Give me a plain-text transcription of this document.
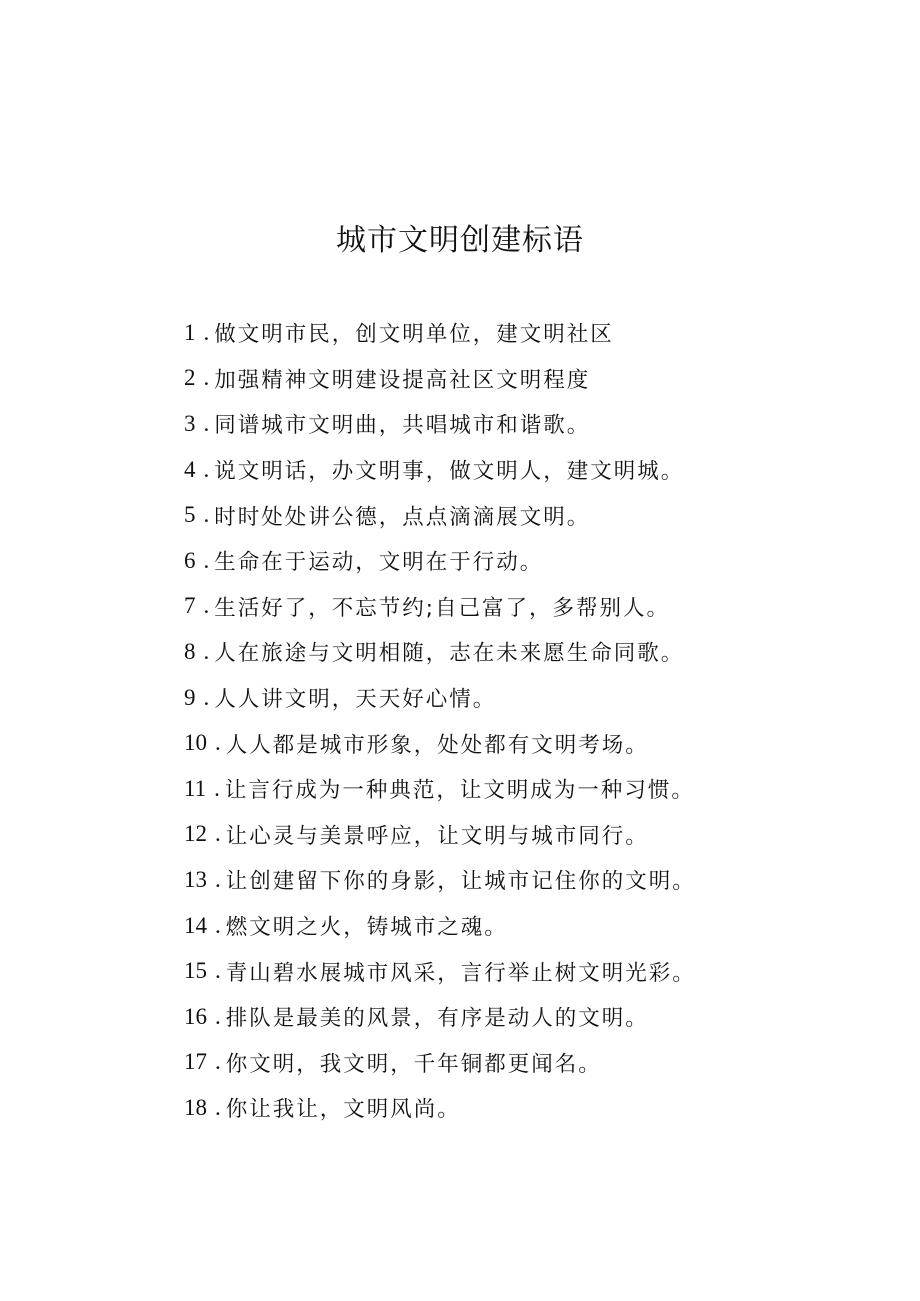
城市文明创建标语
1 . 做文明市民，创文明单位，建文明社区
2 . 加强精神文明建设提高社区文明程度
3 . 同谱城市文明曲，共唱城市和谐歌。
4 . 说文明话，办文明事，做文明人，建文明城。
5 . 时时处处讲公德，点点滴滴展文明。
6 . 生命在于运动，文明在于行动。
7 . 生活好了，不忘节约;自己富了，多帮别人。
8 . 人在旅途与文明相随，志在未来愿生命同歌。
9 . 人人讲文明，天天好心情。
10 . 人人都是城市形象，处处都有文明考场。
11 . 让言行成为一种典范，让文明成为一种习惯。
12 . 让心灵与美景呼应，让文明与城市同行。
13 . 让创建留下你的身影，让城市记住你的文明。
14 . 燃文明之火，铸城市之魂。
15 . 青山碧水展城市风采，言行举止树文明光彩。
16 . 排队是最美的风景，有序是动人的文明。
17 . 你文明，我文明，千年铜都更闻名。
18 . 你让我让，文明风尚。
